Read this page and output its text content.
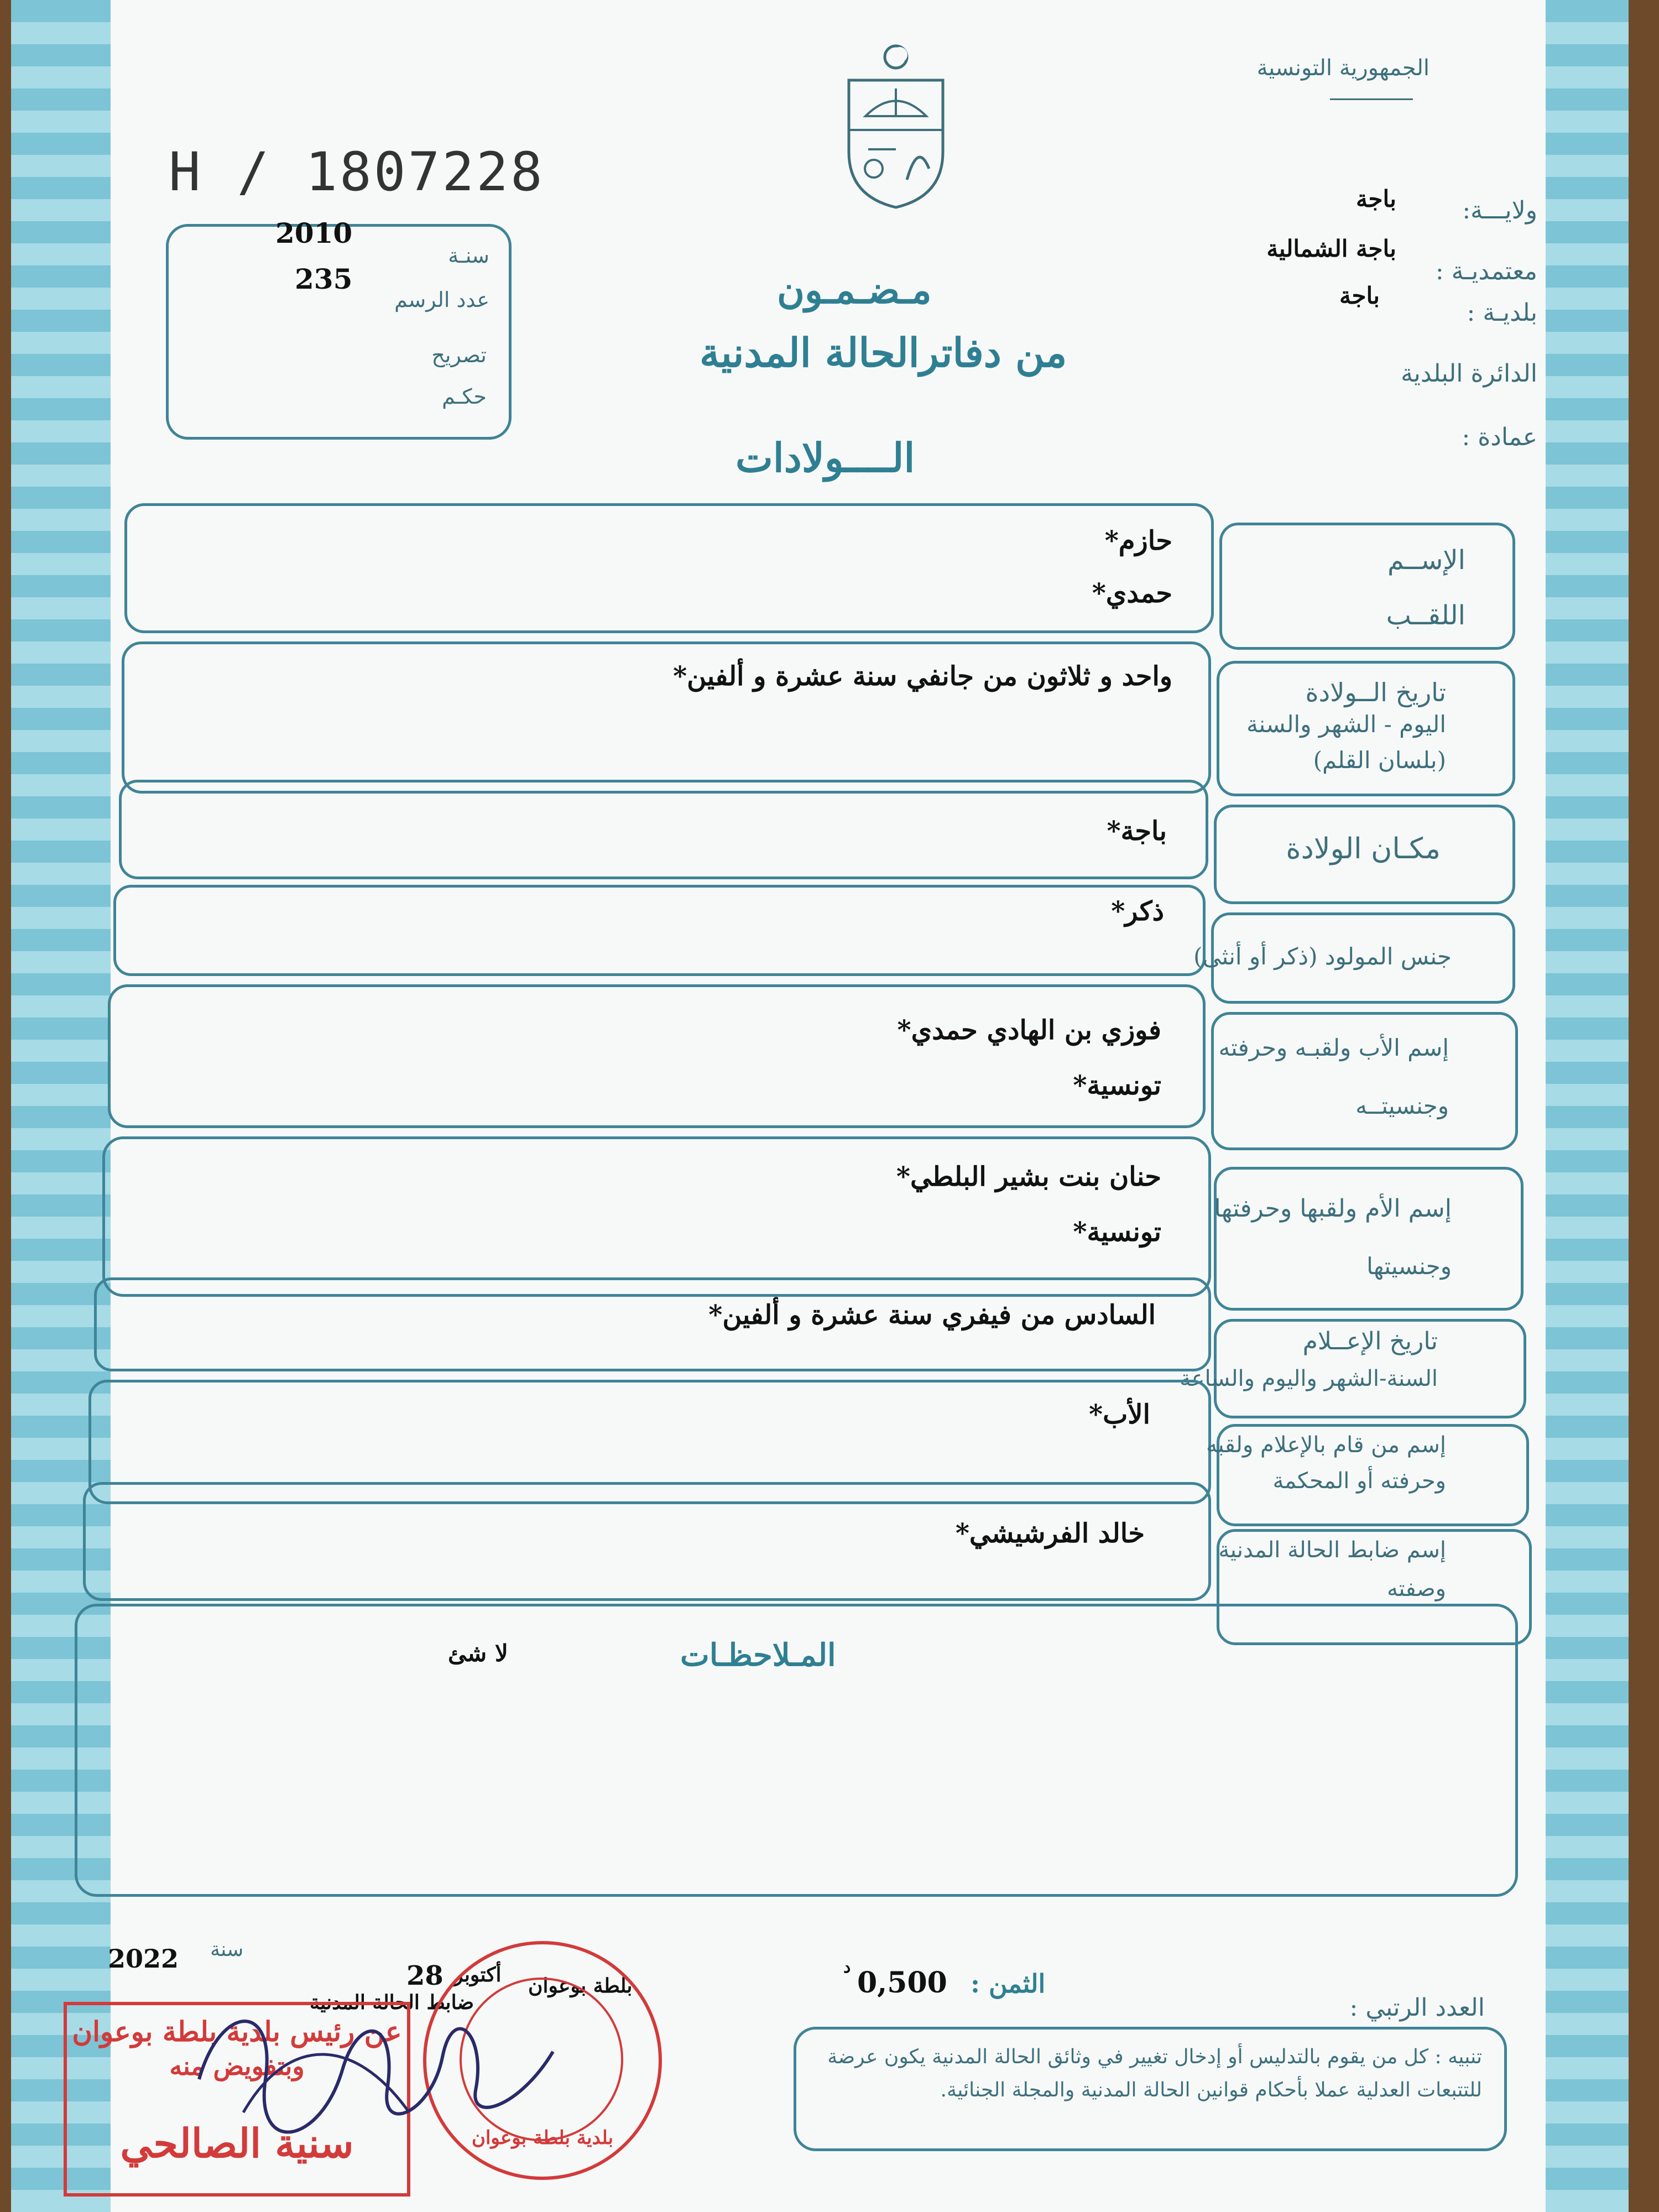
الجمهورية التونسية
H / 1807228
2010
سنـة
235
عدد الرسم
تصريح
حكـم
ولايـــة:
باجة
معتمديـة :
باجة الشمالية
بلديـة :
باجة
الدائرة البلدية
عمادة :
مـضـمـون
من دفاترالحالة المدنية
الــــولادات
الإســم
اللقــب
حازم*
حمدي*
تاريخ الــولادة
اليوم - الشهر والسنة
(بلسان القلم)
واحد و ثلاثون من جانفي سنة عشرة و ألفين*
مكـان الولادة
باجة*
جنس المولود (ذكر أو أنثى)
ذكر*
إسم الأب ولقبـه وحرفته
وجنسيتــه
فوزي بن الهادي حمدي*
تونسية*
إسم الأم ولقبها وحرفتها
وجنسيتها
حنان بنت بشير البلطي*
تونسية*
تاريخ الإعــلام
السنة-الشهر واليوم والساعة
السادس من فيفري سنة عشرة و ألفين*
إسم من قام بالإعلام ولقبه
وحرفته أو المحكمة
الأب*
إسم ضابط الحالة المدنية
وصفته
خالد الفرشيشي*
المـلاحظـات
لا شئ
سنة
2022
28 أكتوبر بلطة بوعوان
ضابط الحالة المدنية
الثمن :
0,500
د
العدد الرتبي :
تنبيه : كل من يقوم بالتدليس أو إدخال تغيير في وثائق الحالة المدنية يكون عرضة للتتبعات العدلية عملا بأحكام قوانين الحالة المدنية والمجلة الجنائية.
بلدية بلطة بوعوان
عن رئيس بلدية بلطة بوعوان
وبتفويض منه
سنية الصالحي
